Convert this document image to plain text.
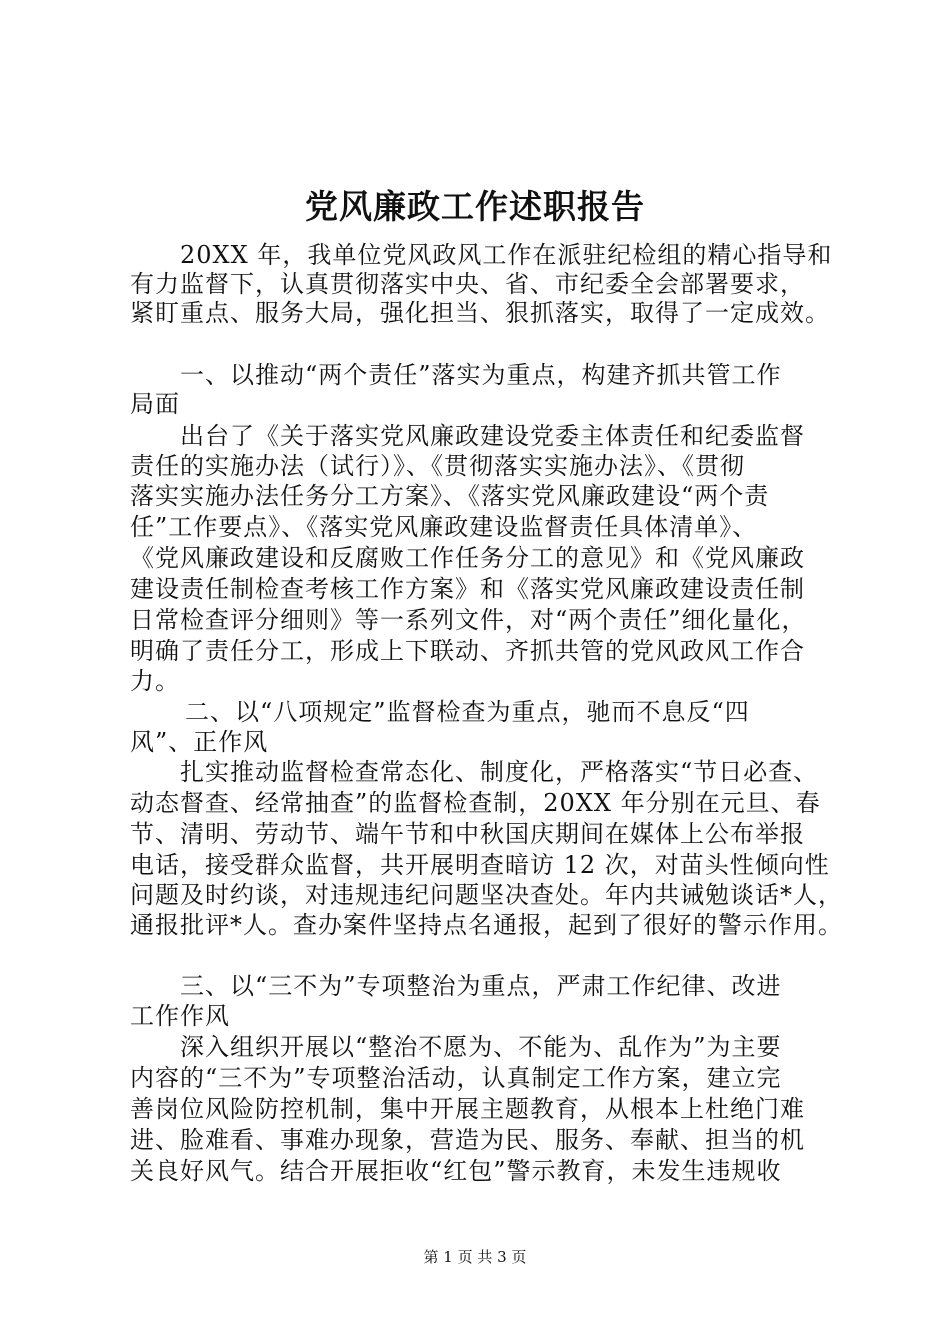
党风廉政工作述职报告
20XX 年，我单位党风政风工作在派驻纪检组的精心指导和
有力监督下，认真贯彻落实中央、省、市纪委全会部署要求，
紧盯重点、服务大局，强化担当、狠抓落实，取得了一定成效。
一、以推动“两个责任”落实为重点，构建齐抓共管工作
局面
出台了《关于落实党风廉政建设党委主体责任和纪委监督
责任的实施办法（试行）》、《贯彻落实实施办法》、《贯彻
落实实施办法任务分工方案》、《落实党风廉政建设“两个责
任”工作要点》、《落实党风廉政建设监督责任具体清单》、
《党风廉政建设和反腐败工作任务分工的意见》和《党风廉政
建设责任制检查考核工作方案》和《落实党风廉政建设责任制
日常检查评分细则》等一系列文件，对“两个责任”细化量化，
明确了责任分工，形成上下联动、齐抓共管的党风政风工作合
力。
二、以“八项规定”监督检查为重点，驰而不息反“四
风”、正作风
扎实推动监督检查常态化、制度化，严格落实“节日必查、
动态督查、经常抽查”的监督检查制，20XX 年分别在元旦、春
节、清明、劳动节、端午节和中秋国庆期间在媒体上公布举报
电话，接受群众监督，共开展明查暗访 12 次，对苗头性倾向性
问题及时约谈，对违规违纪问题坚决查处。年内共诫勉谈话*人，
通报批评*人。查办案件坚持点名通报，起到了很好的警示作用。
三、以“三不为”专项整治为重点，严肃工作纪律、改进
工作作风
深入组织开展以“整治不愿为、不能为、乱作为”为主要
内容的“三不为”专项整治活动，认真制定工作方案，建立完
善岗位风险防控机制，集中开展主题教育，从根本上杜绝门难
进、脸难看、事难办现象，营造为民、服务、奉献、担当的机
关良好风气。结合开展拒收“红包”警示教育，未发生违规收
第 1 页 共 3 页
